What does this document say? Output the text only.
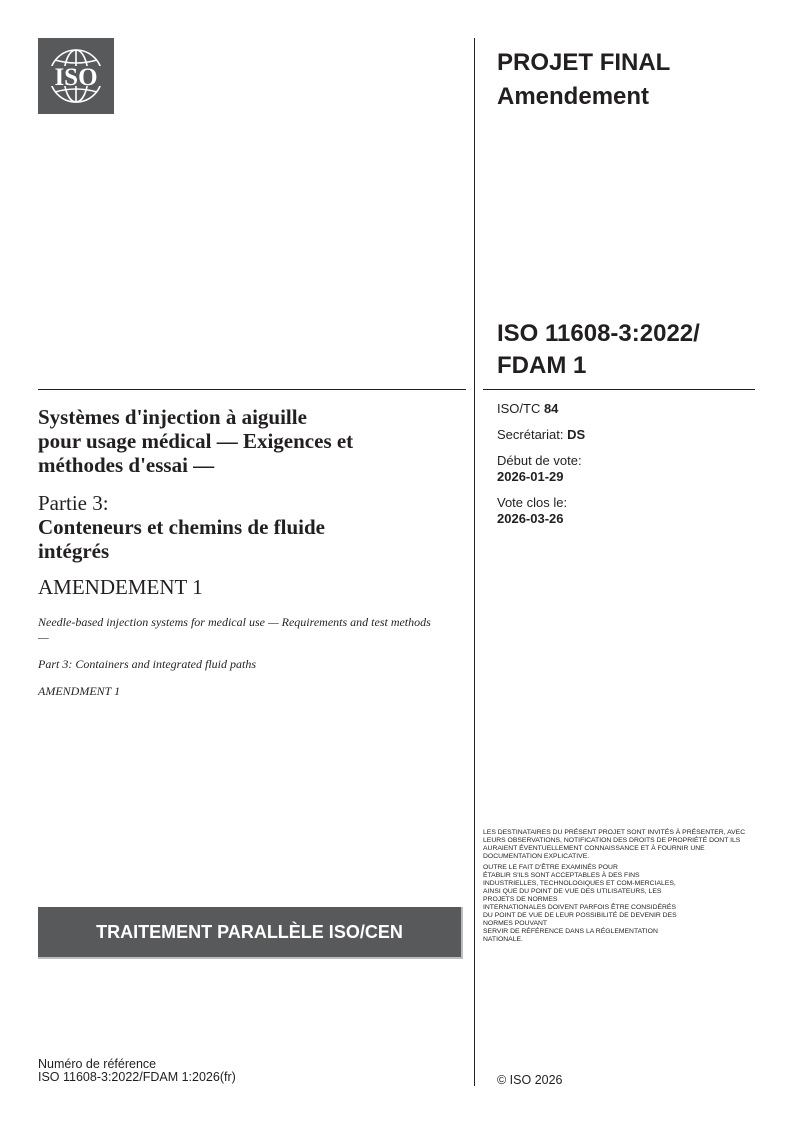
ISO
PROJET FINAL
Amendement
ISO 11608-3:2022/
FDAM 1
Systèmes d'injection à aiguille
pour usage médical — Exigences et
méthodes d'essai —
Partie 3:
Conteneurs et chemins de fluide
intégrés
AMENDEMENT 1
Needle-based injection systems for medical use — Requirements and test methods —
Part 3: Containers and integrated fluid paths
AMENDMENT 1
ISO/TC 84
Secrétariat: DS
Début de vote:
2026-01-29
Vote clos le:
2026-03-26

LES DESTINATAIRES DU PRÉSENT PROJET SONT INVITÉS À PRÉSENTER, AVEC LEURS OBSERVATIONS, NOTIFICATION DES DROITS DE PROPRIÉTÉ DONT ILS AURAIENT ÉVENTUELLEMENT CONNAISSANCE ET À FOURNIR UNE DOCUMENTATION EXPLICATIVE.

OUTRE LE FAIT D'ÊTRE EXAMINÉS POUR
ÉTABLIR S'ILS SONT ACCEPTABLES À DES FINS
INDUSTRIELLES, TECHNOLOGIQUES ET COM-MERCIALES,
AINSI QUE DU POINT DE VUE DES UTILISATEURS, LES
PROJETS DE NORMES
INTERNATIONALES DOIVENT PARFOIS ÊTRE CONSIDÉRÉS
DU POINT DE VUE DE LEUR POSSIBILITÉ DE DEVENIR DES
NORMES POUVANT
SERVIR DE RÉFÉRENCE DANS LA RÉGLEMENTATION
NATIONALE.
TRAITEMENT PARALLÈLE ISO/CEN
Numéro de référence
ISO 11608-3:2022/FDAM 1:2026(fr)	© ISO 2026
